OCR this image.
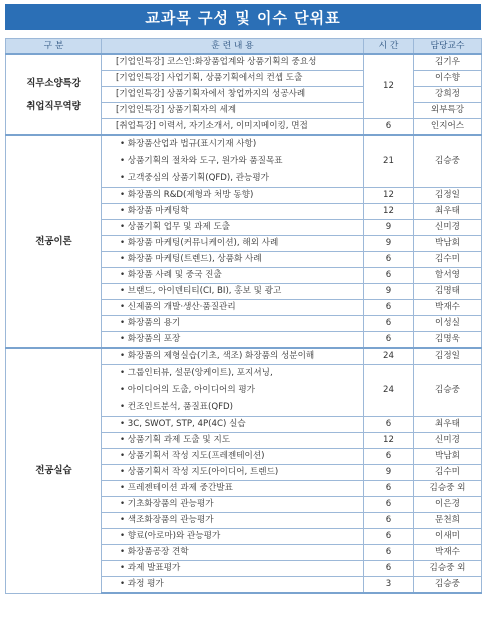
교과목 구성 및 이수 단위표
구 분	훈 련 내 용	시 간	담당교수

직무소양특강
취업직무역량	[기업인특강] 코스인:화장품업계와 상품기획의 중요성	12	김기우
	[기업인특강] 사업기획, 상품기획에서의 컨셉 도출		이수향
	[기업인특강] 상품기획자에서 창업까지의 성공사례		강희정
	[기업인특강] 상품기획자의 세계		외부특강
	[취업특강] 이력서, 자기소개서, 이미지메이킹, 면접	6	인지어스
전공이론	• 화장품산업과 법규(표시기재 사항)
• 상품기획의 절차와 도구, 원가와 품질목표
• 고객중심의 상품기획(QFD), 관능평가	21	김승중
	• 화장품의 R&D(제형과 처방 동향)	12	김정일
	• 화장품 마케팅학	12	최우태
	• 상품기획 업무 및 과제 도출	9	신미경
	• 화장품 마케팅(커뮤니케이션), 해외 사례	9	박남회
	• 화장품 마케팅(트렌드), 상품화 사례	6	김수미
	• 화장품 사례 및 중국 진출	6	함서영
	• 브랜드, 아이덴티티(CI, BI), 홍보 및 광고	9	김명태
	• 신제품의 개발·생산·품질관리	6	박재수
	• 화장품의 용기	6	이성실
	• 화장품의 포장	6	김명욱
전공실습	• 화장품의 제형실습(기초, 색조) 화장품의 성분이해	24	김정일

	• 그룹인터뷰, 설문(앙케이트), 포지셔닝,
• 아이디어의 도출, 아이디어의 평가
• 컨조인트분석, 품질표(QFD)	24	김승중
	• 3C, SWOT, STP, 4P(4C) 실습	6	최우태
	• 상품기획 과제 도출 및 지도	12	신미경
	• 상품기획서 작성 지도(프레젠테이션)	6	박남회
	• 상품기획서 작성 지도(아이디어, 트렌드)	9	김수미
	• 프레젠테이션 과제 중간발표	6	김승중 외
	• 기초화장품의 관능평가	6	이은경
	• 색조화장품의 관능평가	6	문천희
	• 향료(아로마)와 관능평가	6	이새미
	• 화장품공장 견학	6	박재수
	• 과제 발표평가	6	김승중 외
	• 과정 평가	3	김승중
